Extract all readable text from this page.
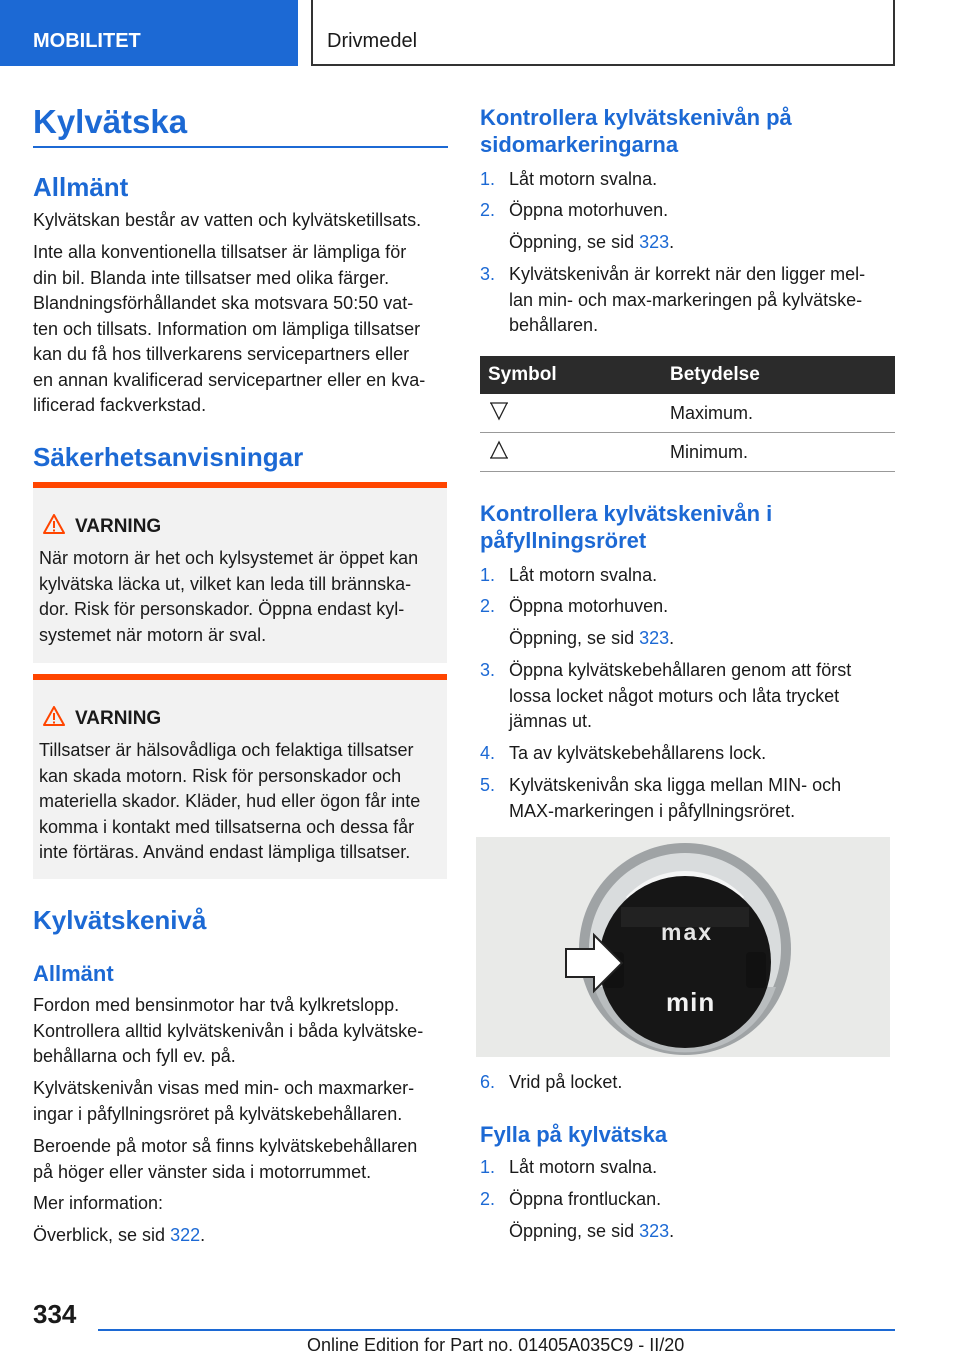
MOBILITET	Drivmedel
Kylvätska
Allmänt
Kylvätskan består av vatten och kylvätsketillsats.
Inte alla konventionella tillsatser är lämpliga för
din bil. Blanda inte tillsatser med olika färger.
Blandningsförhållandet ska motsvara 50:50 vat-
ten och tillsats. Information om lämpliga tillsatser
kan du få hos tillverkarens servicepartners eller
en annan kvalificerad servicepartner eller en kva-
lificerad fackverkstad.
Säkerhetsanvisningar
VARNING
När motorn är het och kylsystemet är öppet kan
kylvätska läcka ut, vilket kan leda till brännska-
dor. Risk för personskador. Öppna endast kyl-
systemet när motorn är sval.
VARNING
Tillsatser är hälsovådliga och felaktiga tillsatser
kan skada motorn. Risk för personskador och
materiella skador. Kläder, hud eller ögon får inte
komma i kontakt med tillsatserna och dessa får
inte förtäras. Använd endast lämpliga tillsatser.
Kylvätskenivå
Allmänt
Fordon med bensinmotor har två kylkretslopp.
Kontrollera alltid kylvätskenivån i båda kylvätske-
behållarna och fyll ev. på.
Kylvätskenivån visas med min- och maxmarker-
ingar i påfyllningsröret på kylvätskebehållaren.
Beroende på motor så finns kylvätskebehållaren
på höger eller vänster sida i motorrummet.
Mer information:
Överblick, se sid 322.
Kontrollera kylvätskenivån på
sidomarkeringarna
1. Låt motorn svalna.
2. Öppna motorhuven.
Öppning, se sid 323.
3. Kylvätskenivån är korrekt när den ligger mel-
lan min- och max-markeringen på kylvätske-
behållaren.
Symbol	Betydelse
	Maximum.
	Minimum.
Kontrollera kylvätskenivån i
påfyllningsröret
1. Låt motorn svalna.
2. Öppna motorhuven.
Öppning, se sid 323.
3. Öppna kylvätskebehållaren genom att först
lossa locket något moturs och låta trycket
jämnas ut.
4. Ta av kylvätskebehållarens lock.
5. Kylvätskenivån ska ligga mellan MIN- och
MAX-markeringen i påfyllningsröret.
max
min
6. Vrid på locket.
Fylla på kylvätska
1. Låt motorn svalna.
2. Öppna frontluckan.
Öppning, se sid 323.
334
Online Edition for Part no. 01405A035C9 - II/20
